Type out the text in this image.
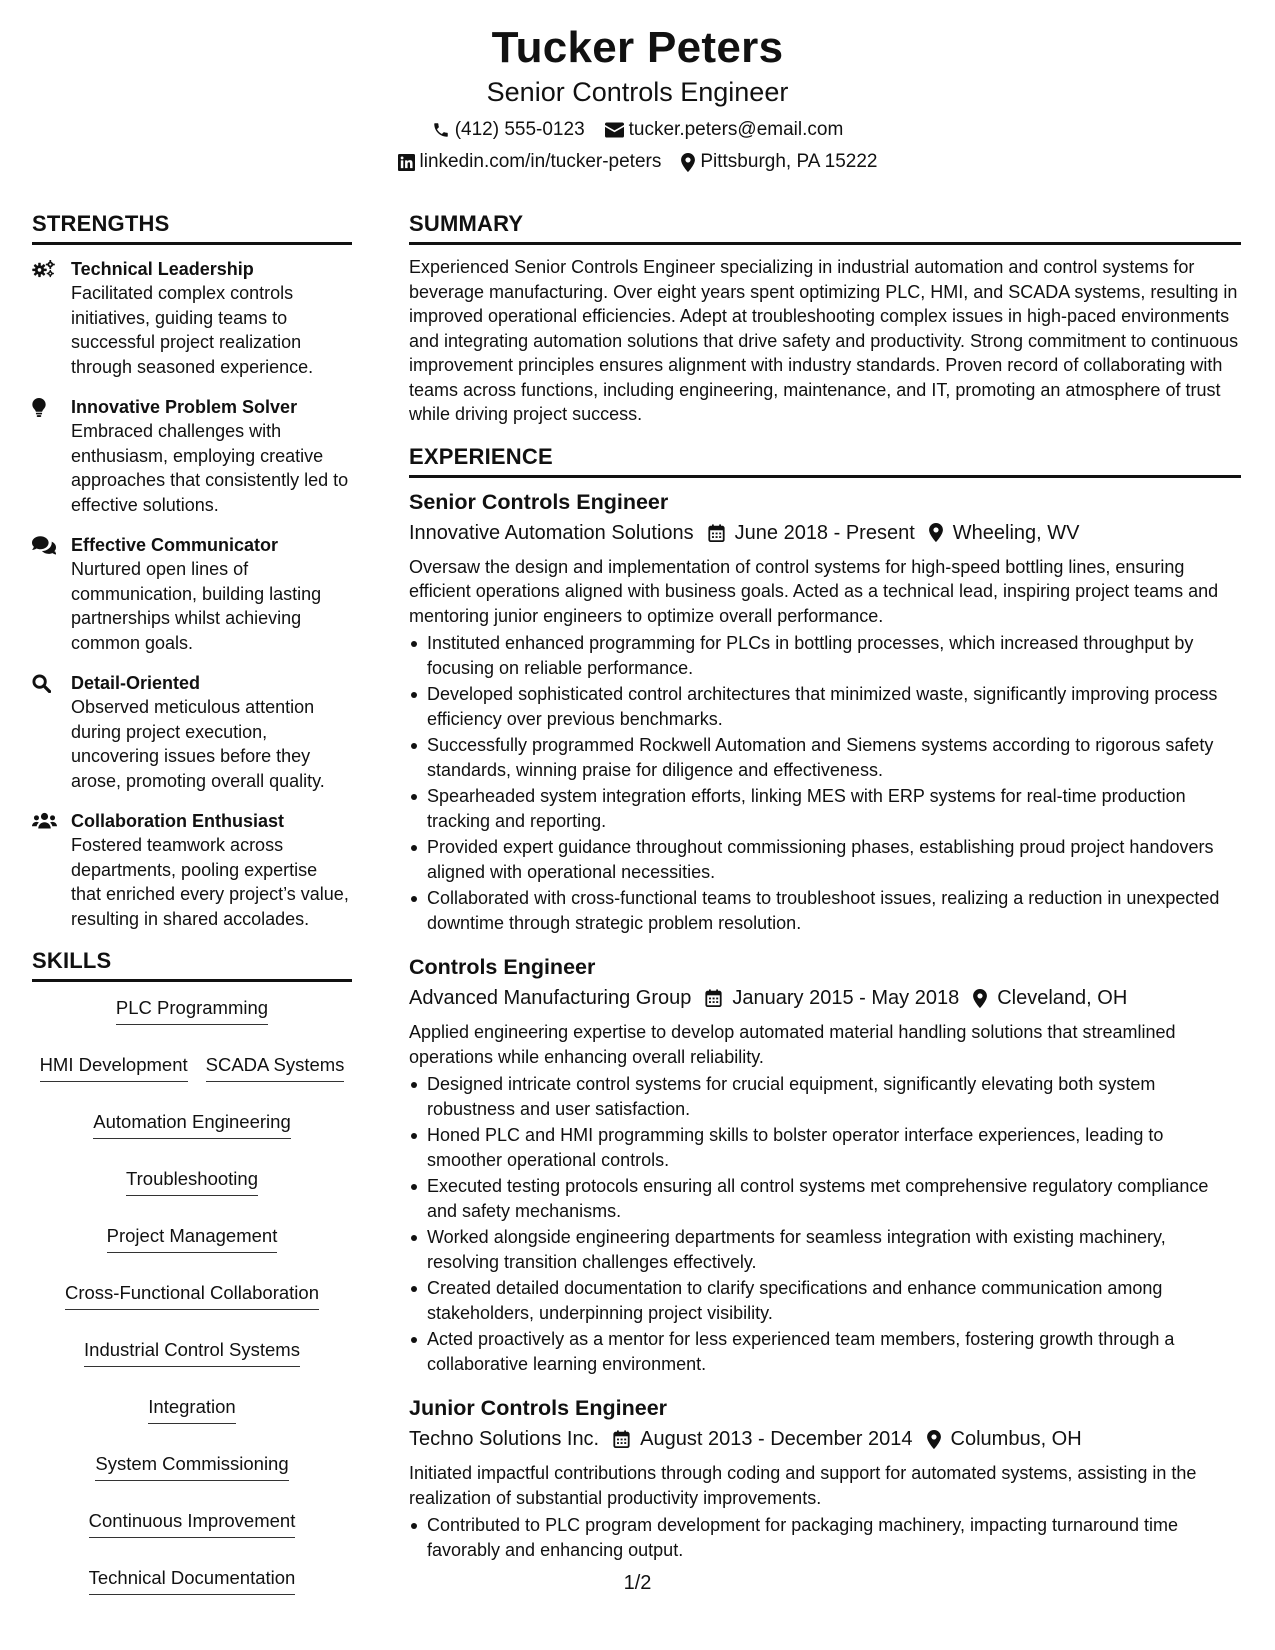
Tucker Peters
Senior Controls Engineer
(412) 555-0123 tucker.peters@email.com
linkedin.com/in/tucker-peters Pittsburgh, PA 15222
STRENGTHS
Technical Leadership
Facilitated complex controls initiatives, guiding teams to successful project realization through seasoned experience.
Innovative Problem Solver
Embraced challenges with enthusiasm, employing creative approaches that consistently led to effective solutions.
Effective Communicator
Nurtured open lines of communication, building lasting partnerships whilst achieving common goals.
Detail-Oriented
Observed meticulous attention during project execution, uncovering issues before they arose, promoting overall quality.
Collaboration Enthusiast
Fostered teamwork across departments, pooling expertise that enriched every project’s value, resulting in shared accolades.
SKILLS
PLC Programming
HMI Development SCADA Systems
Automation Engineering
Troubleshooting
Project Management
Cross-Functional Collaboration
Industrial Control Systems
Integration
System Commissioning
Continuous Improvement
Technical Documentation
SUMMARY
Experienced Senior Controls Engineer specializing in industrial automation and control systems for beverage manufacturing. Over eight years spent optimizing PLC, HMI, and SCADA systems, resulting in improved operational efficiencies. Adept at troubleshooting complex issues in high-paced environments and integrating automation solutions that drive safety and productivity. Strong commitment to continuous improvement principles ensures alignment with industry standards. Proven record of collaborating with teams across functions, including engineering, maintenance, and IT, promoting an atmosphere of trust while driving project success.
EXPERIENCE
Senior Controls Engineer
Innovative Automation Solutions June 2018 - Present Wheeling, WV
Oversaw the design and implementation of control systems for high-speed bottling lines, ensuring efficient operations aligned with business goals. Acted as a technical lead, inspiring project teams and mentoring junior engineers to optimize overall performance.
Instituted enhanced programming for PLCs in bottling processes, which increased throughput by focusing on reliable performance.
Developed sophisticated control architectures that minimized waste, significantly improving process efficiency over previous benchmarks.
Successfully programmed Rockwell Automation and Siemens systems according to rigorous safety standards, winning praise for diligence and effectiveness.
Spearheaded system integration efforts, linking MES with ERP systems for real-time production tracking and reporting.
Provided expert guidance throughout commissioning phases, establishing proud project handovers aligned with operational necessities.
Collaborated with cross-functional teams to troubleshoot issues, realizing a reduction in unexpected downtime through strategic problem resolution.
Controls Engineer
Advanced Manufacturing Group January 2015 - May 2018 Cleveland, OH
Applied engineering expertise to develop automated material handling solutions that streamlined operations while enhancing overall reliability.
Designed intricate control systems for crucial equipment, significantly elevating both system robustness and user satisfaction.
Honed PLC and HMI programming skills to bolster operator interface experiences, leading to smoother operational controls.
Executed testing protocols ensuring all control systems met comprehensive regulatory compliance and safety mechanisms.
Worked alongside engineering departments for seamless integration with existing machinery, resolving transition challenges effectively.
Created detailed documentation to clarify specifications and enhance communication among stakeholders, underpinning project visibility.
Acted proactively as a mentor for less experienced team members, fostering growth through a collaborative learning environment.
Junior Controls Engineer
Techno Solutions Inc. August 2013 - December 2014 Columbus, OH
Initiated impactful contributions through coding and support for automated systems, assisting in the realization of substantial productivity improvements.
Contributed to PLC program development for packaging machinery, impacting turnaround time favorably and enhancing output.
1/2
